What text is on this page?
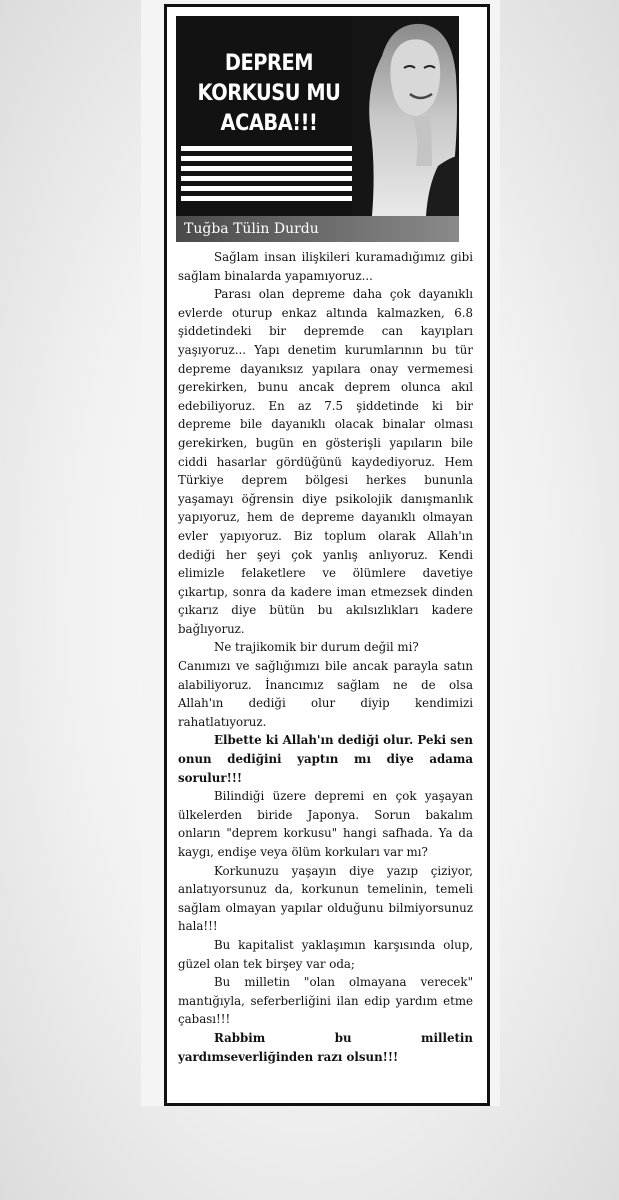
DEPREM
KORKUSU MU
ACABA!!!
Tuğba Tülin Durdu

Sağlam insan ilişkileri kuramadığımız gibi sağlam binalarda yapamıyoruz...

Parası olan depreme daha çok dayanıklı evlerde oturup enkaz altında kalmazken, 6.8 şiddetindeki bir depremde can kayıpları yaşıyoruz... Yapı denetim kurumlarının bu tür depreme dayanıksız yapılara onay vermemesi gerekirken, bunu ancak deprem olunca akıl edebiliyoruz. En az 7.5 şiddetinde ki bir depreme bile dayanıklı olacak binalar olması gerekirken, bugün en gösterişli yapıların bile ciddi hasarlar gördüğünü kaydediyoruz. Hem Türkiye deprem bölgesi herkes bununla yaşamayı öğrensin diye psikolojik danışmanlık yapıyoruz, hem de depreme dayanıklı olmayan evler yapıyoruz. Biz toplum olarak Allah'ın dediği her şeyi çok yanlış anlıyoruz. Kendi elimizle felaketlere ve ölümlere davetiye çıkartıp, sonra da kadere iman etmezsek dinden çıkarız diye bütün bu akılsızlıkları kadere bağlıyoruz.

Ne trajikomik bir durum değil mi?

Canımızı ve sağlığımızı bile ancak parayla satın alabiliyoruz. İnancımız sağlam ne de olsa Allah'ın dediği olur diyip kendimizi rahatlatıyoruz.

Elbette ki Allah'ın dediği olur. Peki sen onun dediğini yaptın mı diye adama sorulur!!!

Bilindiği üzere depremi en çok yaşayan ülkelerden biride Japonya. Sorun bakalım onların "deprem korkusu" hangi safhada. Ya da kaygı, endişe veya ölüm korkuları var mı?

Korkunuzu yaşayın diye yazıp çiziyor, anlatıyorsunuz da, korkunun temelinin, temeli sağlam olmayan yapılar olduğunu bilmiyorsunuz hala!!!

Bu kapitalist yaklaşımın karşısında olup, güzel olan tek birşey var oda;

Bu milletin "olan olmayana verecek" mantığıyla, seferberliğini ilan edip yardım etme çabası!!!

Rabbim bu milletin

yardımseverliğinden razı olsun!!!
